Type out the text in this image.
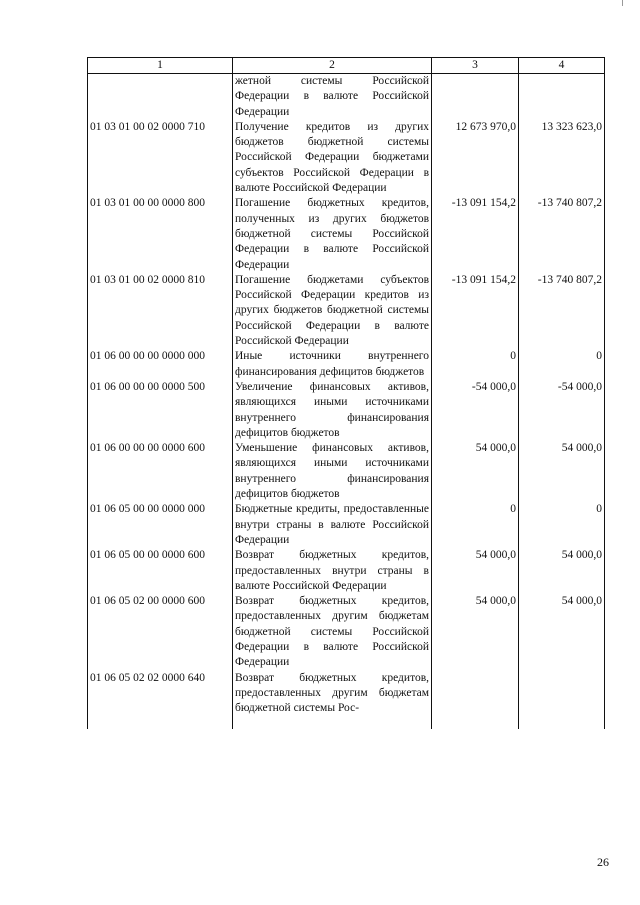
1	2	3	4
	жетной системы Российской Федерации в валюте Российской Федерации		
01 03 01 00 02 0000 710	Получение кредитов из других бюджетов бюджетной системы Российской Федерации бюджетами субъектов Российской Федерации в валюте Российской Федерации	12 673 970,0	13 323 623,0
01 03 01 00 00 0000 800	Погашение бюджетных кредитов, полученных из других бюджетов бюджетной системы Российской Федерации в валюте Российской Федерации	-13 091 154,2	-13 740 807,2
01 03 01 00 02 0000 810	Погашение бюджетами субъектов Российской Федерации кредитов из других бюджетов бюджетной системы Российской Федерации в валюте Российской Федерации	-13 091 154,2	-13 740 807,2
01 06 00 00 00 0000 000	Иные источники внутреннего финансирования дефицитов бюджетов	0	0
01 06 00 00 00 0000 500	Увеличение финансовых активов, являющихся иными источниками внутреннего финансирования дефицитов бюджетов	-54 000,0	-54 000,0
01 06 00 00 00 0000 600	Уменьшение финансовых активов, являющихся иными источниками внутреннего финансирования дефицитов бюджетов	54 000,0	54 000,0
01 06 05 00 00 0000 000	Бюджетные кредиты, предоставленные внутри страны в валюте Российской Федерации	0	0
01 06 05 00 00 0000 600	Возврат бюджетных кредитов, предоставленных внутри страны в валюте Российской Федерации	54 000,0	54 000,0
01 06 05 02 00 0000 600	Возврат бюджетных кредитов, предоставленных другим бюджетам бюджетной системы Российской Федерации в валюте Российской Федерации	54 000,0	54 000,0
01 06 05 02 02 0000 640	Возврат бюджетных кредитов, предоставленных другим бюджетам бюджетной системы Рос-		
26
